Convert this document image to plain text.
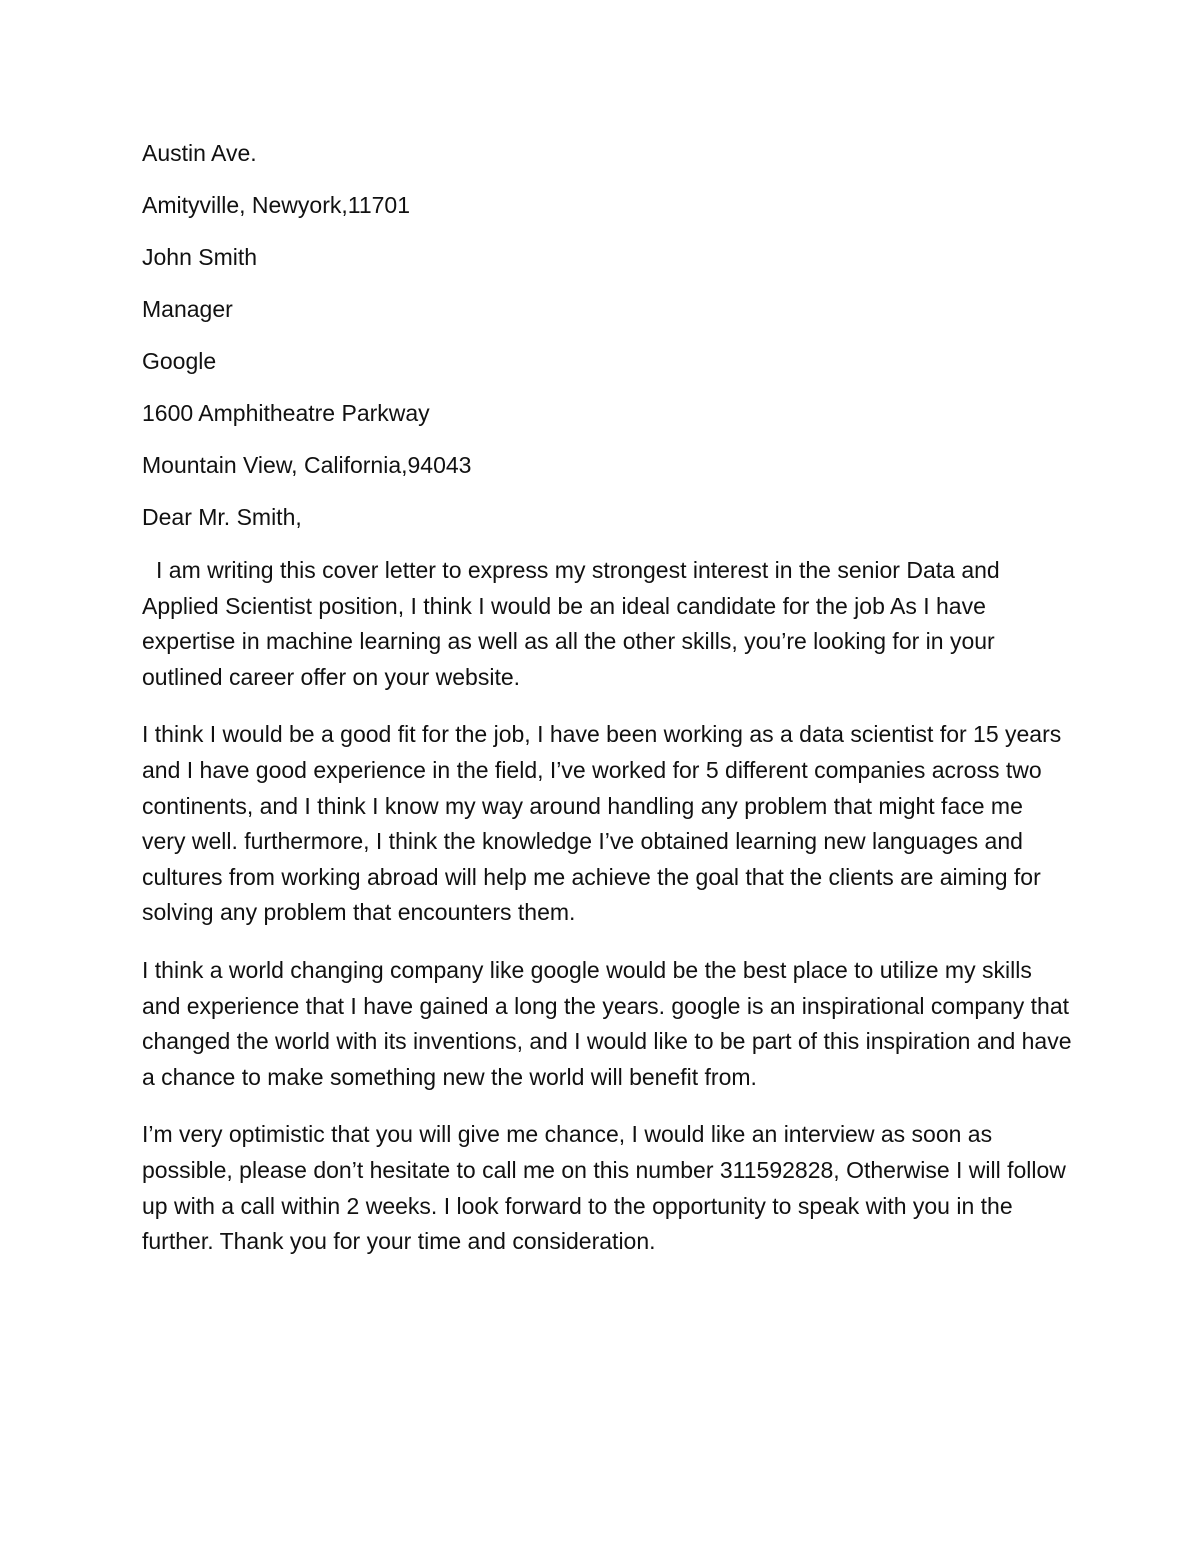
Austin Ave.

Amityville, Newyork,11701

John Smith

Manager

Google

1600 Amphitheatre Parkway

Mountain View, California,94043

Dear Mr. Smith,

I am writing this cover letter to express my strongest interest in the senior Data and Applied Scientist position, I think I would be an ideal candidate for the job As I have expertise in machine learning as well as all the other skills, you’re looking for in your outlined career offer on your website.

I think I would be a good fit for the job, I have been working as a data scientist for 15 years and I have good experience in the field, I’ve worked for 5 different companies across two continents, and I think I know my way around handling any problem that might face me very well. furthermore, I think the knowledge I’ve obtained learning new languages and cultures from working abroad will help me achieve the goal that the clients are aiming for solving any problem that encounters them.

I think a world changing company like google would be the best place to utilize my skills and experience that I have gained a long the years. google is an inspirational company that changed the world with its inventions, and I would like to be part of this inspiration and have a chance to make something new the world will benefit from.

I’m very optimistic that you will give me chance, I would like an interview as soon as possible, please don’t hesitate to call me on this number 311592828, Otherwise I will follow up with a call within 2 weeks. I look forward to the opportunity to speak with you in the further. Thank you for your time and consideration.
